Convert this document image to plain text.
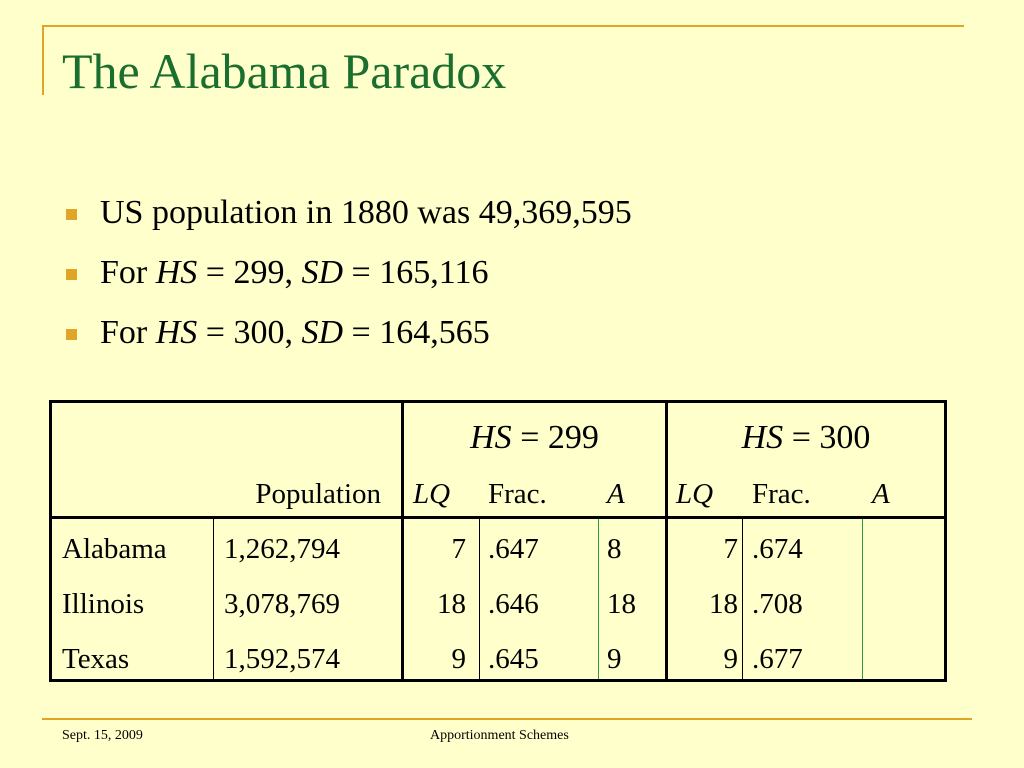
The Alabama Paradox
US population in 1880 was 49,369,595
For HS = 299, SD = 165,116
For HS = 300, SD = 164,565
HS = 299	HS = 300
Population LQ Frac. A LQ Frac. A
Alabama 1,262,794	7 .647 8	7 .674
Illinois	3,078,769	18 .646 18	18 .708
Texas	1,592,574	9 .645 9	9 .677
Sept. 15, 2009	Apportionment Schemes
